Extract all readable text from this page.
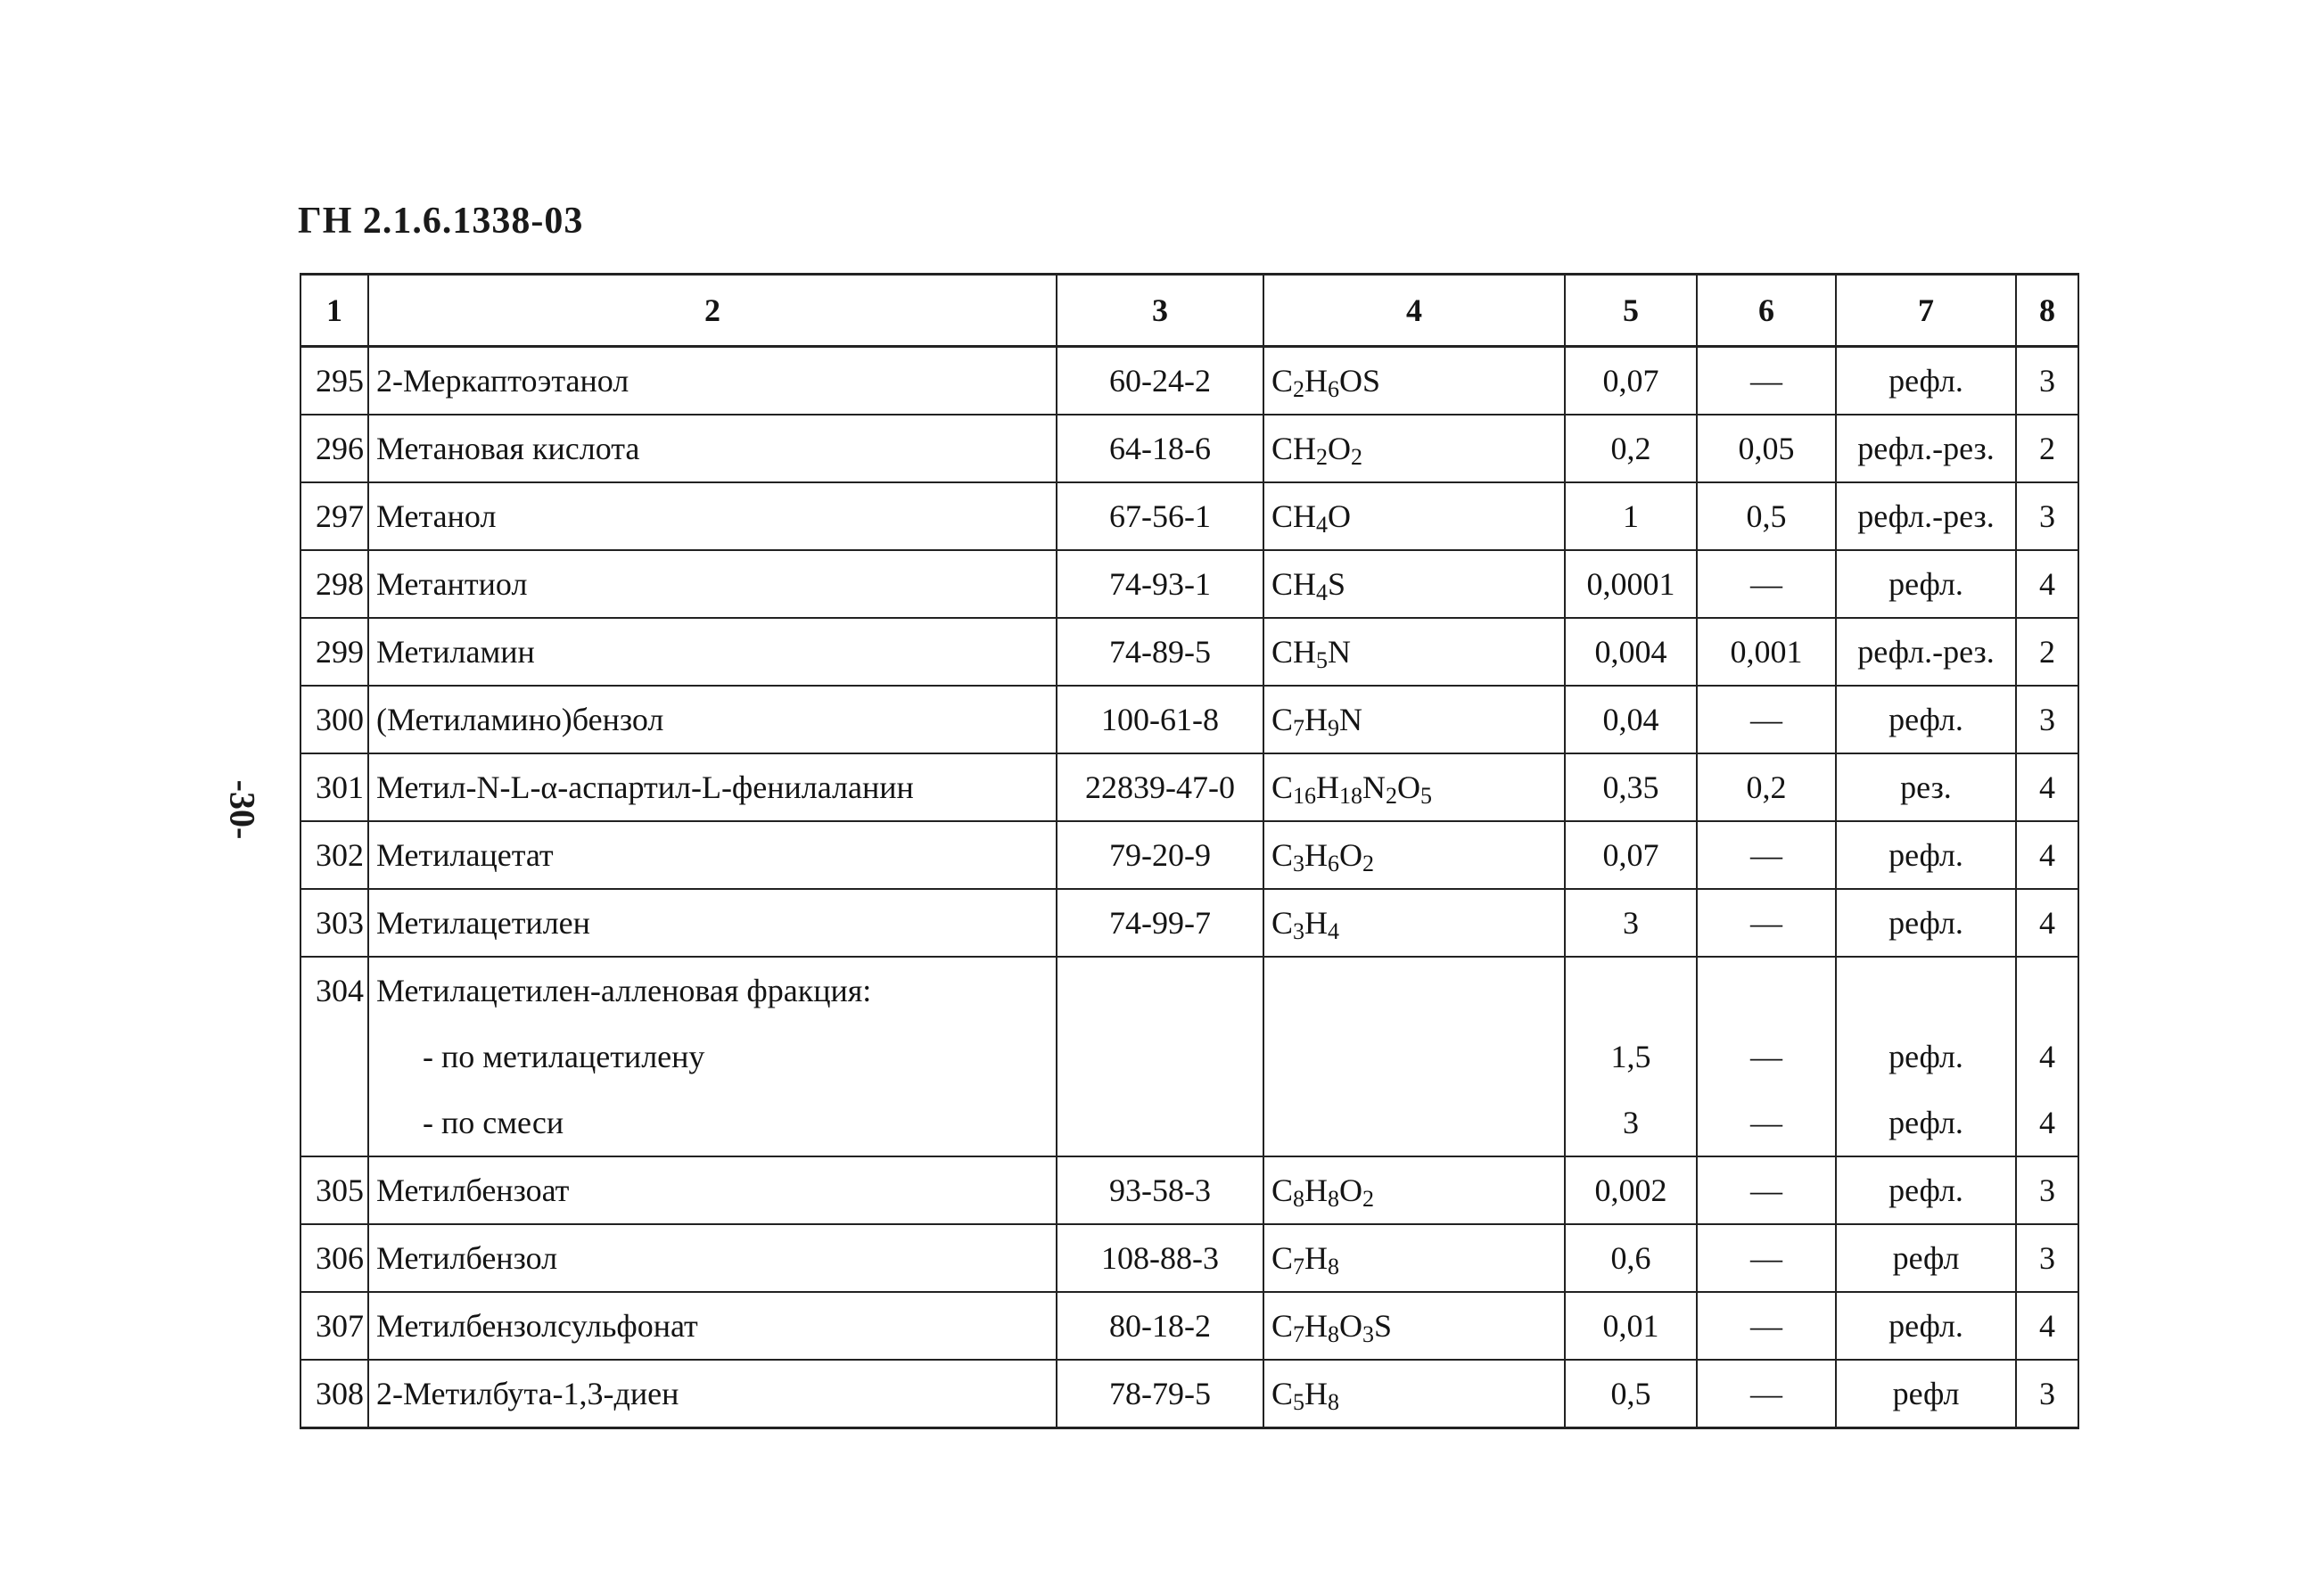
ГН 2.1.6.1338-03
-30-
1	2	3	4	5	6	7	8
295	2-Меркаптоэтанол	60-24-2	$C_2H_6OS$	0,07	—	рефл.	3
296	Метановая кислота	64-18-6	$CH_2O_2$	0,2	0,05	рефл.-рез.	2
297	Метанол	67-56-1	$CH_4O$	1	0,5	рефл.-рез.	3
298	Метантиол	74-93-1	$CH_4S$	0,0001	—	рефл.	4
299	Метиламин	74-89-5	$CH_5N$	0,004	0,001	рефл.-рез.	2
300	(Метиламино)бензол	100-61-8	$C_7H_9N$	0,04	—	рефл.	3
301	Метил-N-L-α-аспартил-L-фенилаланин	22839-47-0	$C_{16}H_{18}N_2O_5$	0,35	0,2	рез.	4
302	Метилацетат	79-20-9	$C_3H_6O_2$	0,07	—	рефл.	4
303	Метилацетилен	74-99-7	$C_3H_4$	3	—	рефл.	4
304	Метилацетилен-алленовая фракция:						
	- по метилацетилену			1,5	—	рефл.	4
	- по смеси			3	—	рефл.	4
305	Метилбензоат	93-58-3	$C_8H_8O_2$	0,002	—	рефл.	3
306	Метилбензол	108-88-3	$C_7H_8$	0,6	—	рефл	3
307	Метилбензолсульфонат	80-18-2	$C_7H_8O_3S$	0,01	—	рефл.	4
308	2-Метилбута-1,3-диен	78-79-5	$C_5H_8$	0,5	—	рефл	3
